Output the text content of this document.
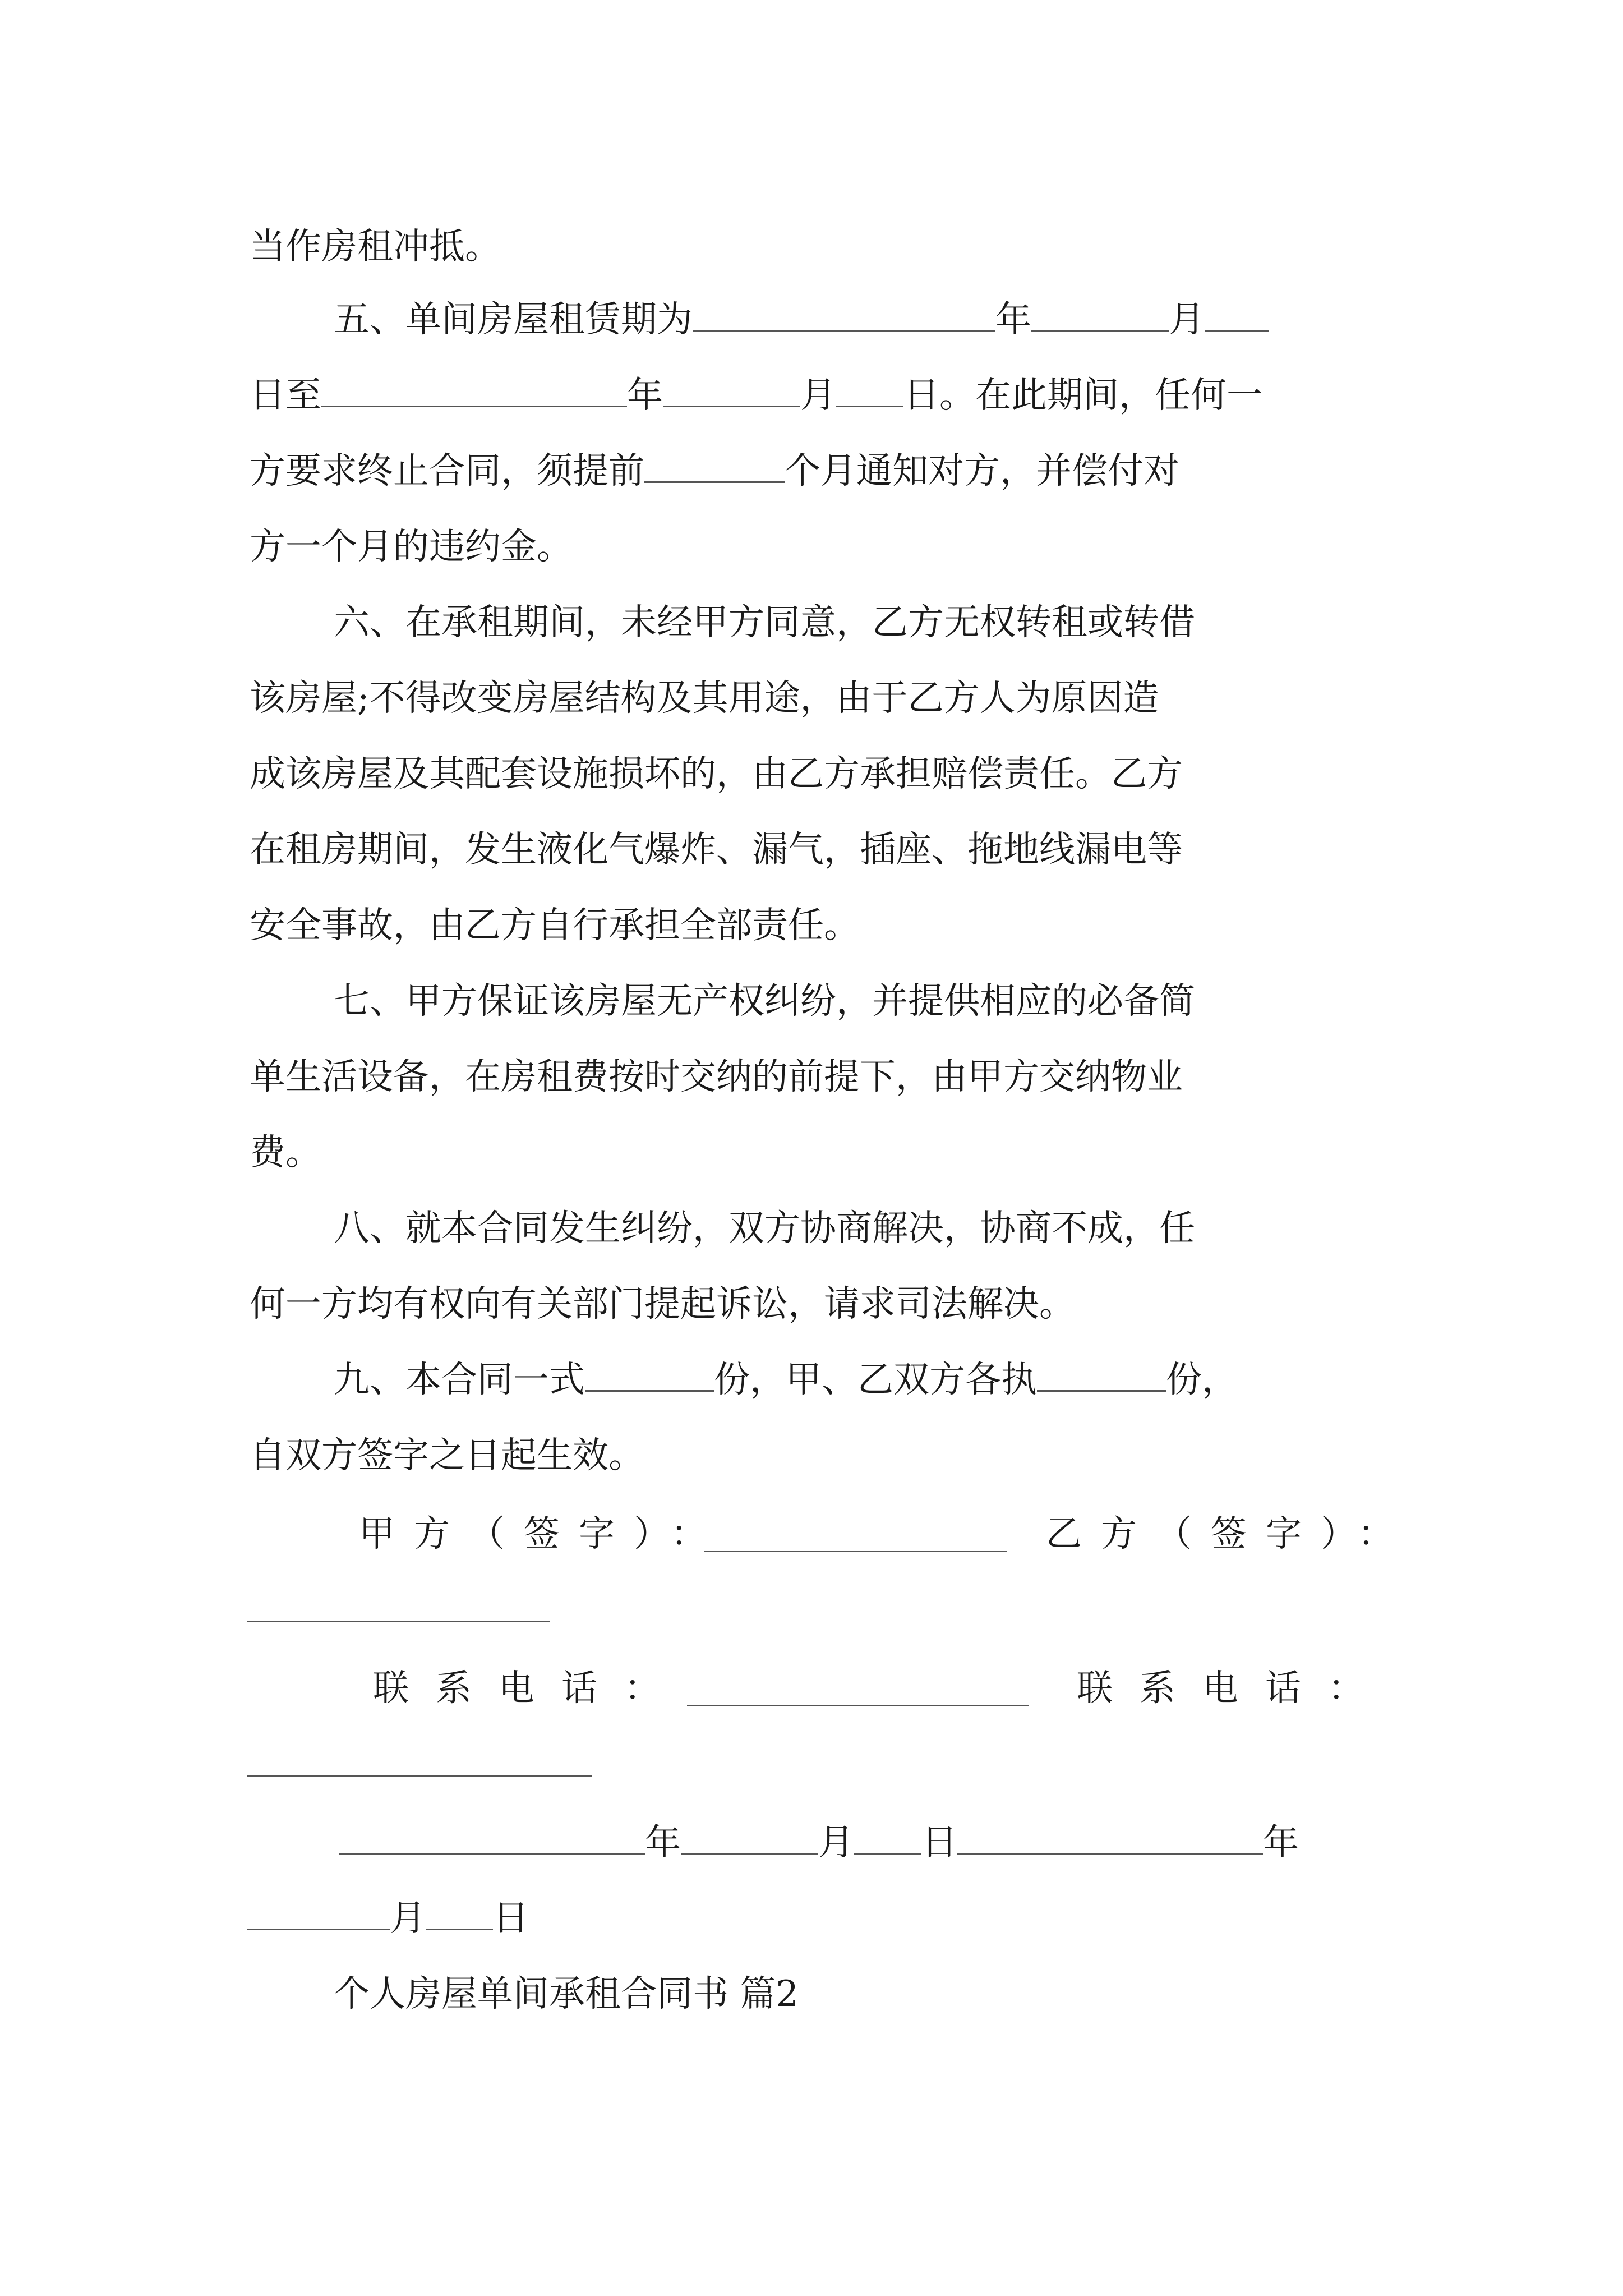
当作房租冲抵。
五、单间房屋租赁期为	年	月
日至	年	月 日。在此期间，任何一
方要求终止合同，须提前	个月通知对方，并偿付对
方一个月的违约金。
六、在承租期间，未经甲方同意，乙方无权转租或转借
该房屋;不得改变房屋结构及其用途，由于乙方人为原因造
成该房屋及其配套设施损坏的，由乙方承担赔偿责任。乙方
在租房期间，发生液化气爆炸、漏气，插座、拖地线漏电等
安全事故，由乙方自行承担全部责任。
七、甲方保证该房屋无产权纠纷，并提供相应的必备简
单生活设备，在房租费按时交纳的前提下，由甲方交纳物业
费。
八、就本合同发生纠纷，双方协商解决，协商不成，任
何一方均有权向有关部门提起诉讼，请求司法解决。
九、本合同一式	份，甲、乙双方各执	份，
自双方签字之日起生效。
甲方（签字）：	乙方（签字）：
联系电话：	联系电话：
年	月 日	年
月 日
个人房屋单间承租合同书 篇2
